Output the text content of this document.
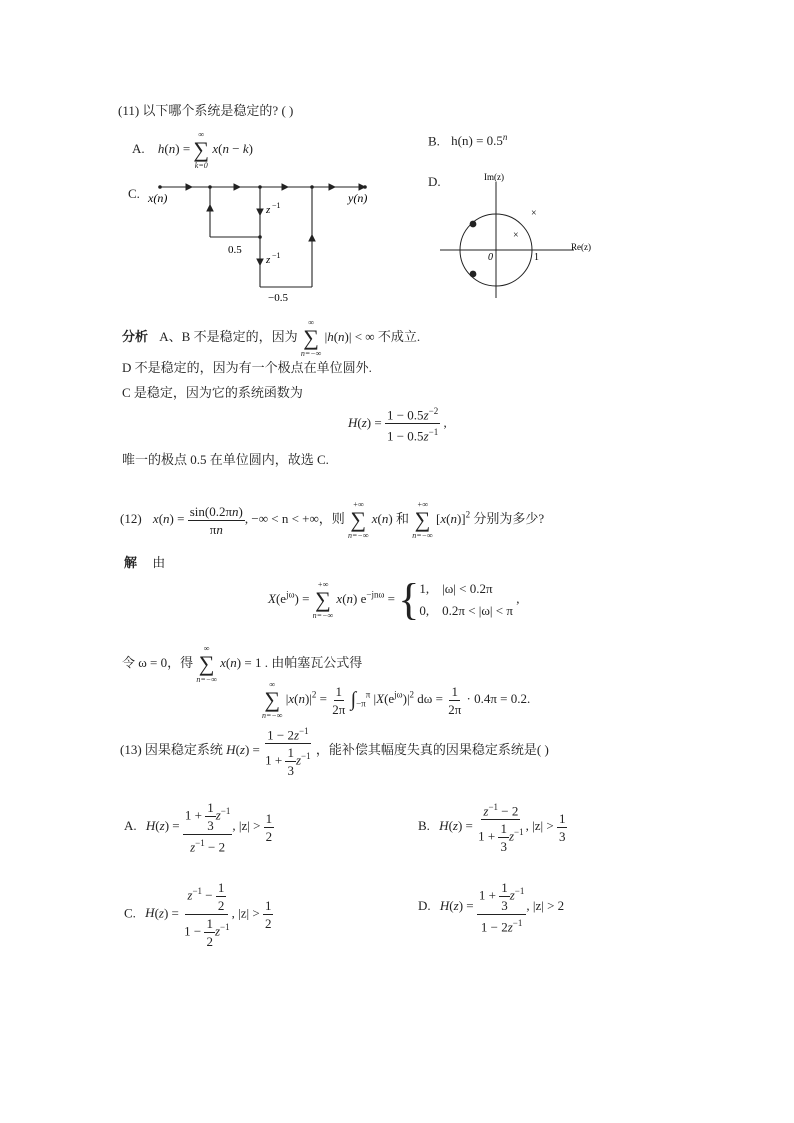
(11) 以下哪个系统是稳定的? ( )
A. h(n) =
∞
∑
k=0
x(n − k)
B. $h(n) = 0.5^n$
C. x(n)	y(n)
z −1
z −1
0.5
−0.5
D.
×
×
Im(z)
Re(z)
0	1
分析 A、B 不是稳定的，因为
∞
∑
n=−∞
|h(n)| < ∞ 不成立.
D 不是稳定的，因为有一个极点在单位圆外.
C 是稳定，因为它的系统函数为
$H(z) = \frac{1 - 0.5z^{-2}}{1 - 0.5z^{-1}}$ ,
唯一的极点 0.5 在单位圆内，故选 C.
(12) $x(n) = \frac{\sin(0.2\pi n)}{\pi n}$ , −∞ < n < +∞，则
+∞
∑
n=−∞
x(n) 和
+∞
∑
n=−∞
$[x(n)]^2$ 分别为多少?
解 由
$X(e^{j\omega})$ =
+∞
∑
n=−∞
x(n) $e^{-jn\omega}$ = { 1, |ω| < 0.2π
0, 0.2π < |ω| < π
,
令 ω = 0，得
∞
∑
n=−∞
x(n) = 1 . 由帕塞瓦公式得
∞
∑
n=−∞
$|x(n)|^2 = \frac{1}{2\pi} \int_{-\pi}^\pi$ $|X(e^{j\omega})|^2$ $d\omega = \frac{1}{2\pi} \cdot 0.4\pi = 0.2$.
(13) 因果稳定系统 $H(z) = \frac{1 - 2z^{-1}}{1 + \frac{1}{3} z^{-1}}$ ，能补偿其幅度失真的因果稳定系统是( )
A. $H(z) = \frac{1 + \frac{1}{3} z^{-1}}{z^{-1} - 2}$ , $|z| > \frac{1}{2}$	B. $H(z) = \frac{z^{-1} - 2}{1 + \frac{1}{3} z^{-1}}$ , $|z| > \frac{1}{3}$
C. $H(z) = \frac{z^{-1} - \frac{1}{2}}{1 - \frac{1}{2} z^{-1}}$ , $|z| > \frac{1}{2}$	D. $H(z) = \frac{1 + \frac{1}{3} z^{-1}}{1 - 2z^{-1}}$ , |z| > 2
